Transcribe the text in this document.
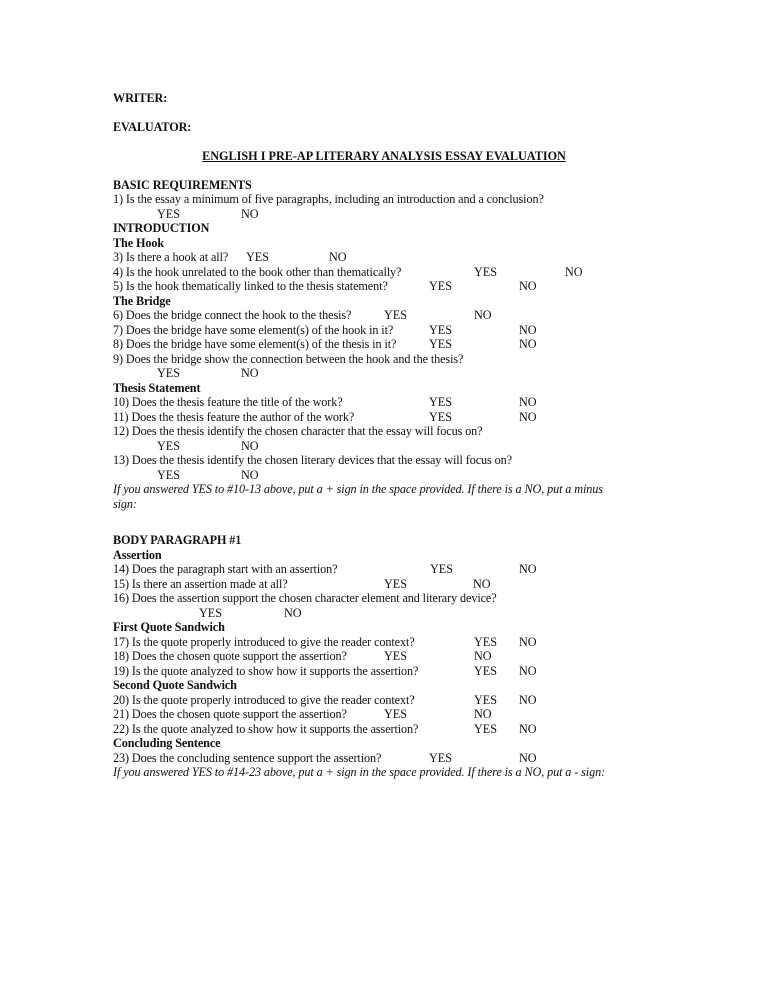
WRITER:
EVALUATOR:
ENGLISH I PRE-AP LITERARY ANALYSIS ESSAY EVALUATION
BASIC REQUIREMENTS
1) Is the essay a minimum of five paragraphs, including an introduction and a conclusion?
YES	NO
INTRODUCTION
The Hook
3) Is there a hook at all? YES	NO
4) Is the hook unrelated to the book other than thematically?	YES	NO
5) Is the hook thematically linked to the thesis statement?	YES	NO
The Bridge
6) Does the bridge connect the hook to the thesis?	YES	NO
7) Does the bridge have some element(s) of the hook in it?	YES	NO
8) Does the bridge have some element(s) of the thesis in it?	YES	NO
9) Does the bridge show the connection between the hook and the thesis?
YES	NO
Thesis Statement
10) Does the thesis feature the title of the work?	YES	NO
11) Does the thesis feature the author of the work?	YES	NO
12) Does the thesis identify the chosen character that the essay will focus on?
YES	NO
13) Does the thesis identify the chosen literary devices that the essay will focus on?
YES	NO
If you answered YES to #10-13 above, put a + sign in the space provided. If there is a NO, put a minus
sign:
BODY PARAGRAPH #1
Assertion
14) Does the paragraph start with an assertion?	YES	NO
15) Is there an assertion made at all?	YES	NO
16) Does the assertion support the chosen character element and literary device?
YES	NO
First Quote Sandwich
17) Is the quote properly introduced to give the reader context?	YES NO
18) Does the chosen quote support the assertion?	YES	NO
19) Is the quote analyzed to show how it supports the assertion?	YES NO
Second Quote Sandwich
20) Is the quote properly introduced to give the reader context?	YES NO
21) Does the chosen quote support the assertion?	YES	NO
22) Is the quote analyzed to show how it supports the assertion?	YES NO
Concluding Sentence
23) Does the concluding sentence support the assertion?	YES	NO
If you answered YES to #14-23 above, put a + sign in the space provided. If there is a NO, put a - sign:
